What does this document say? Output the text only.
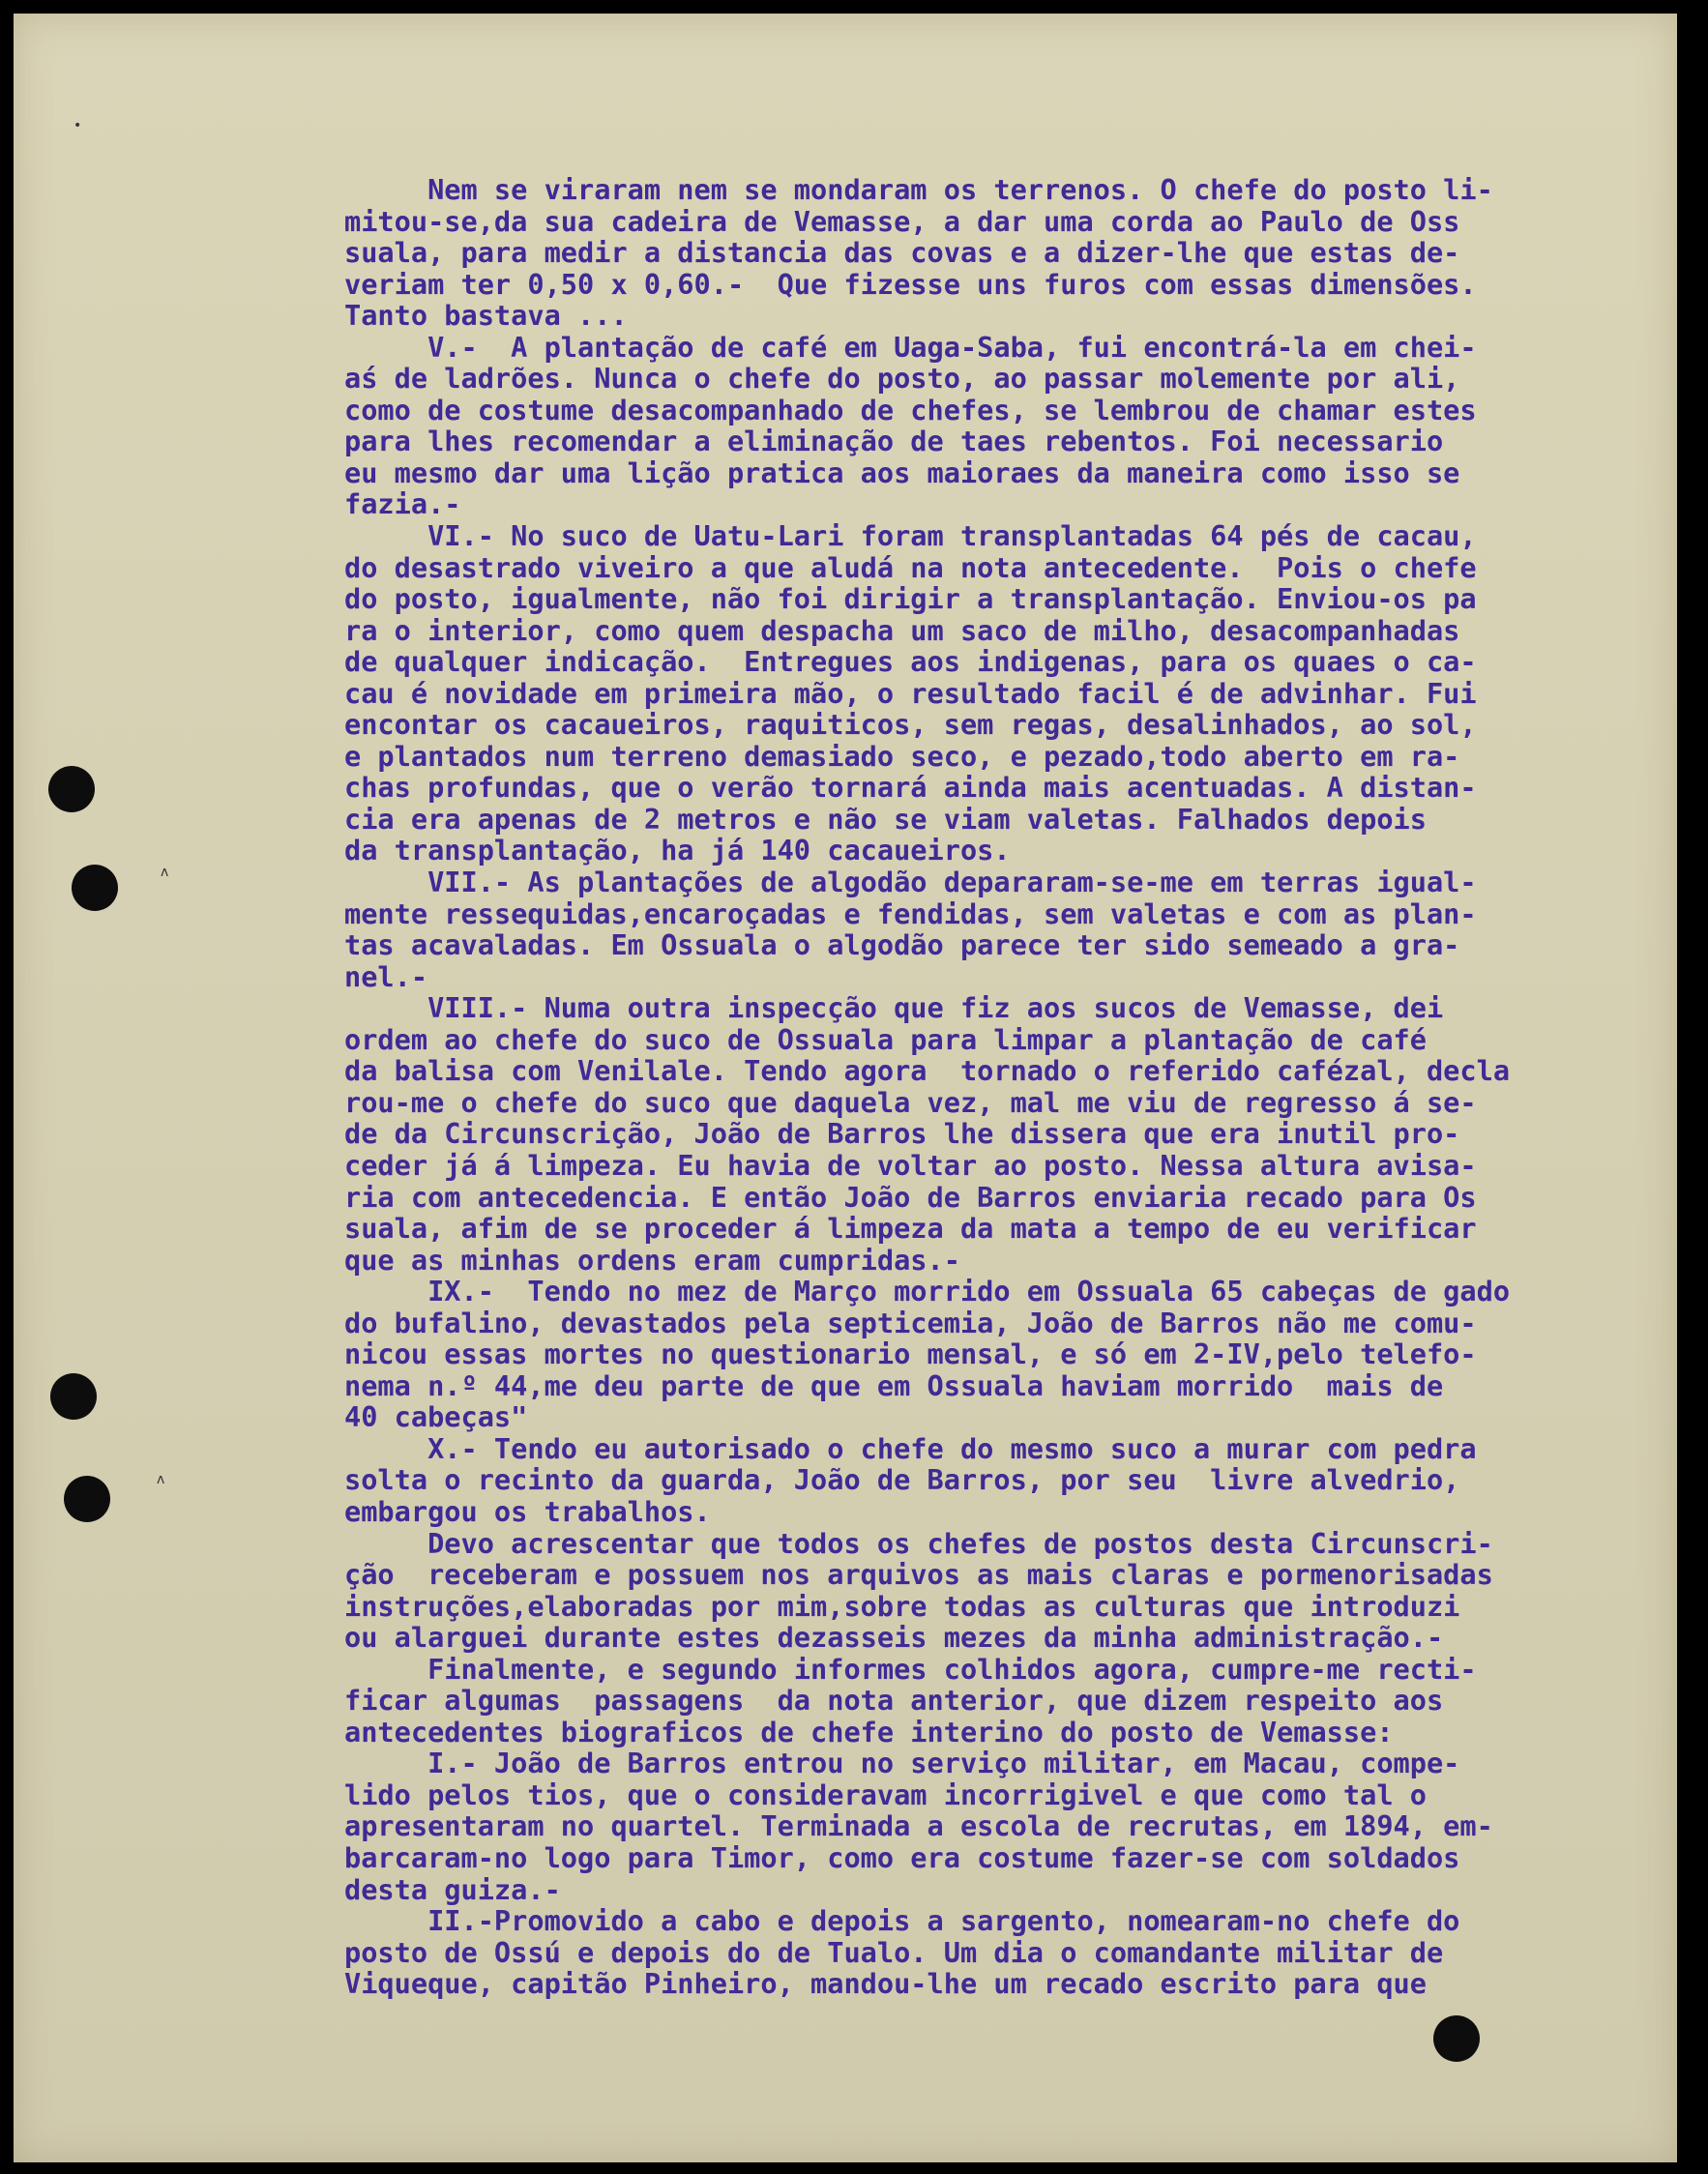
•
ʌ
ʌ
Nem se viraram nem se mondaram os terrenos. O chefe do posto li-
mitou-se,da sua cadeira de Vemasse, a dar uma corda ao Paulo de Oss
suala, para medir a distancia das covas e a dizer-lhe que estas de-
veriam ter 0,50 x 0,60.-  Que fizesse uns furos com essas dimensões.
Tanto bastava ...
V.-  A plantação de café em Uaga-Saba, fui encontrá-la em chei-
aś de ladrões. Nunca o chefe do posto, ao passar molemente por ali,
como de costume desacompanhado de chefes, se lembrou de chamar estes
para lhes recomendar a eliminação de taes rebentos. Foi necessario
eu mesmo dar uma lição pratica aos maioraes da maneira como isso se
fazia.-
VI.- No suco de Uatu-Lari foram transplantadas 64 pés de cacau,
do desastrado viveiro a que aludá na nota antecedente.  Pois o chefe
do posto, igualmente, não foi dirigir a transplantação. Enviou-os pa
ra o interior, como quem despacha um saco de milho, desacompanhadas
de qualquer indicação.  Entregues aos indigenas, para os quaes o ca-
cau é novidade em primeira mão, o resultado facil é de advinhar. Fui
encontar os cacaueiros, raquiticos, sem regas, desalinhados, ao sol,
e plantados num terreno demasiado seco, e pezado,todo aberto em ra-
chas profundas, que o verão tornará ainda mais acentuadas. A distan-
cia era apenas de 2 metros e não se viam valetas. Falhados depois
da transplantação, ha já 140 cacaueiros.
VII.- As plantações de algodão depararam-se-me em terras igual-
mente ressequidas,encaroçadas e fendidas, sem valetas e com as plan-
tas acavaladas. Em Ossuala o algodão parece ter sido semeado a gra-
nel.-
VIII.- Numa outra inspecção que fiz aos sucos de Vemasse, dei
ordem ao chefe do suco de Ossuala para limpar a plantação de café
da balisa com Venilale. Tendo agora  tornado o referido cafézal, decla
rou-me o chefe do suco que daquela vez, mal me viu de regresso á se-
de da Circunscrição, João de Barros lhe dissera que era inutil pro-
ceder já á limpeza. Eu havia de voltar ao posto. Nessa altura avisa-
ria com antecedencia. E então João de Barros enviaria recado para Os
suala, afim de se proceder á limpeza da mata a tempo de eu verificar
que as minhas ordens eram cumpridas.-
IX.-  Tendo no mez de Março morrido em Ossuala 65 cabeças de gado
do bufalino, devastados pela septicemia, João de Barros não me comu-
nicou essas mortes no questionario mensal, e só em 2-IV,pelo telefo-
nema n.º 44,me deu parte de que em Ossuala haviam morrido  mais de
40 cabeças"
X.- Tendo eu autorisado o chefe do mesmo suco a murar com pedra
solta o recinto da guarda, João de Barros, por seu  livre alvedrio,
embargou os trabalhos.
Devo acrescentar que todos os chefes de postos desta Circunscri-
ção  receberam e possuem nos arquivos as mais claras e pormenorisadas
instruções,elaboradas por mim,sobre todas as culturas que introduzi
ou alarguei durante estes dezasseis mezes da minha administração.-
Finalmente, e segundo informes colhidos agora, cumpre-me recti-
ficar algumas  passagens  da nota anterior, que dizem respeito aos
antecedentes biograficos de chefe interino do posto de Vemasse:
I.- João de Barros entrou no serviço militar, em Macau, compe-
lido pelos tios, que o consideravam incorrigivel e que como tal o
apresentaram no quartel. Terminada a escola de recrutas, em 1894, em-
barcaram-no logo para Timor, como era costume fazer-se com soldados
desta guiza.-
II.-Promovido a cabo e depois a sargento, nomearam-no chefe do
posto de Ossú e depois do de Tualo. Um dia o comandante militar de
Viqueque, capitão Pinheiro, mandou-lhe um recado escrito para que
